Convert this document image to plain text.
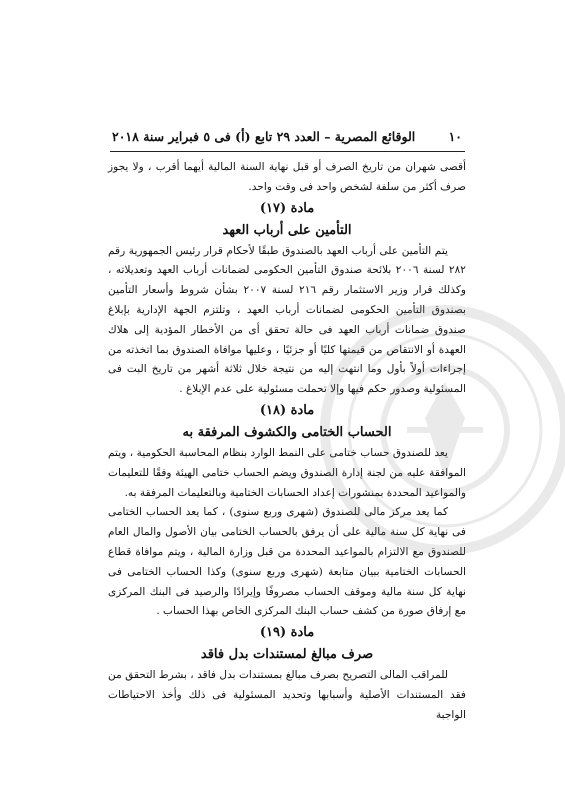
١٠
الوقائع المصرية – العدد ٢٩ تابع (أ) فى ٥ فبراير سنة ٢٠١٨

أقصى شهران من تاريخ الصرف أو قبل نهاية السنة المالية أيهما أقرب ، ولا يجوز صرف أكثر من سلفة لشخص واحد فى وقت واحد.

مادة (١٧)

التأمين على أرباب العهد

يتم التأمين على أرباب العهد بالصندوق طبقًا لأحكام قرار رئيس الجمهورية رقم ٢٨٢ لسنة ٢٠٠٦ بلائحة صندوق التأمين الحكومى لضمانات أرباب العهد وتعديلاته ، وكذلك قرار وزير الاستثمار رقم ٢١٦ لسنة ٢٠٠٧ بشأن شروط وأسعار التأمين بصندوق التأمين الحكومى لضمانات أرباب العهد ، وتلتزم الجهة الإدارية بإبلاغ صندوق ضمانات أرباب العهد فى حالة تحقق أى من الأخطار المؤدية إلى هلاك العهدة أو الانتقاص من قيمتها كليًا أو جزئيًا ، وعليها موافاة الصندوق بما اتخذته من إجراءات أولاً بأول وما انتهت إليه من نتيجة خلال ثلاثة أشهر من تاريخ البت فى المسئولية وصدور حكم فيها وإلا تحملت مسئولية على عدم الإبلاغ .

مادة (١٨)

الحساب الختامى والكشوف المرفقة به

يعد للصندوق حساب ختامى على النمط الوارد بنظام المحاسبة الحكومية ، ويتم الموافقة عليه من لجنة إدارة الصندوق ويضم الحساب ختامى الهيئة وفقًا للتعليمات والمواعيد المحددة بمنشورات إعداد الحسابات الختامية وبالتعليمات المرفقة به.

كما يعد مركز مالى للصندوق (شهرى وربع سنوى) ، كما يعد الحساب الختامى فى نهاية كل سنة مالية على أن يرفق بالحساب الختامى بيان الأصول والمال العام للصندوق مع الالتزام بالمواعيد المحددة من قبل وزارة المالية ، ويتم موافاة قطاع الحسابات الختامية ببيان متابعة (شهرى وربع سنوى) وكذا الحساب الختامى فى نهاية كل سنة مالية وموقف الحساب مصروفًا وإيرادًا والرصيد فى البنك المركزى مع إرفاق صورة من كشف حساب البنك المركزى الخاص بهذا الحساب .

مادة (١٩)

صرف مبالغ لمستندات بدل فاقد

للمراقب المالى التصريح بصرف مبالغ بمستندات بدل فاقد ، بشرط التحقق من فقد المستندات الأصلية وأسبابها وتحديد المسئولية فى ذلك وأخذ الاحتياطات الواجبة
